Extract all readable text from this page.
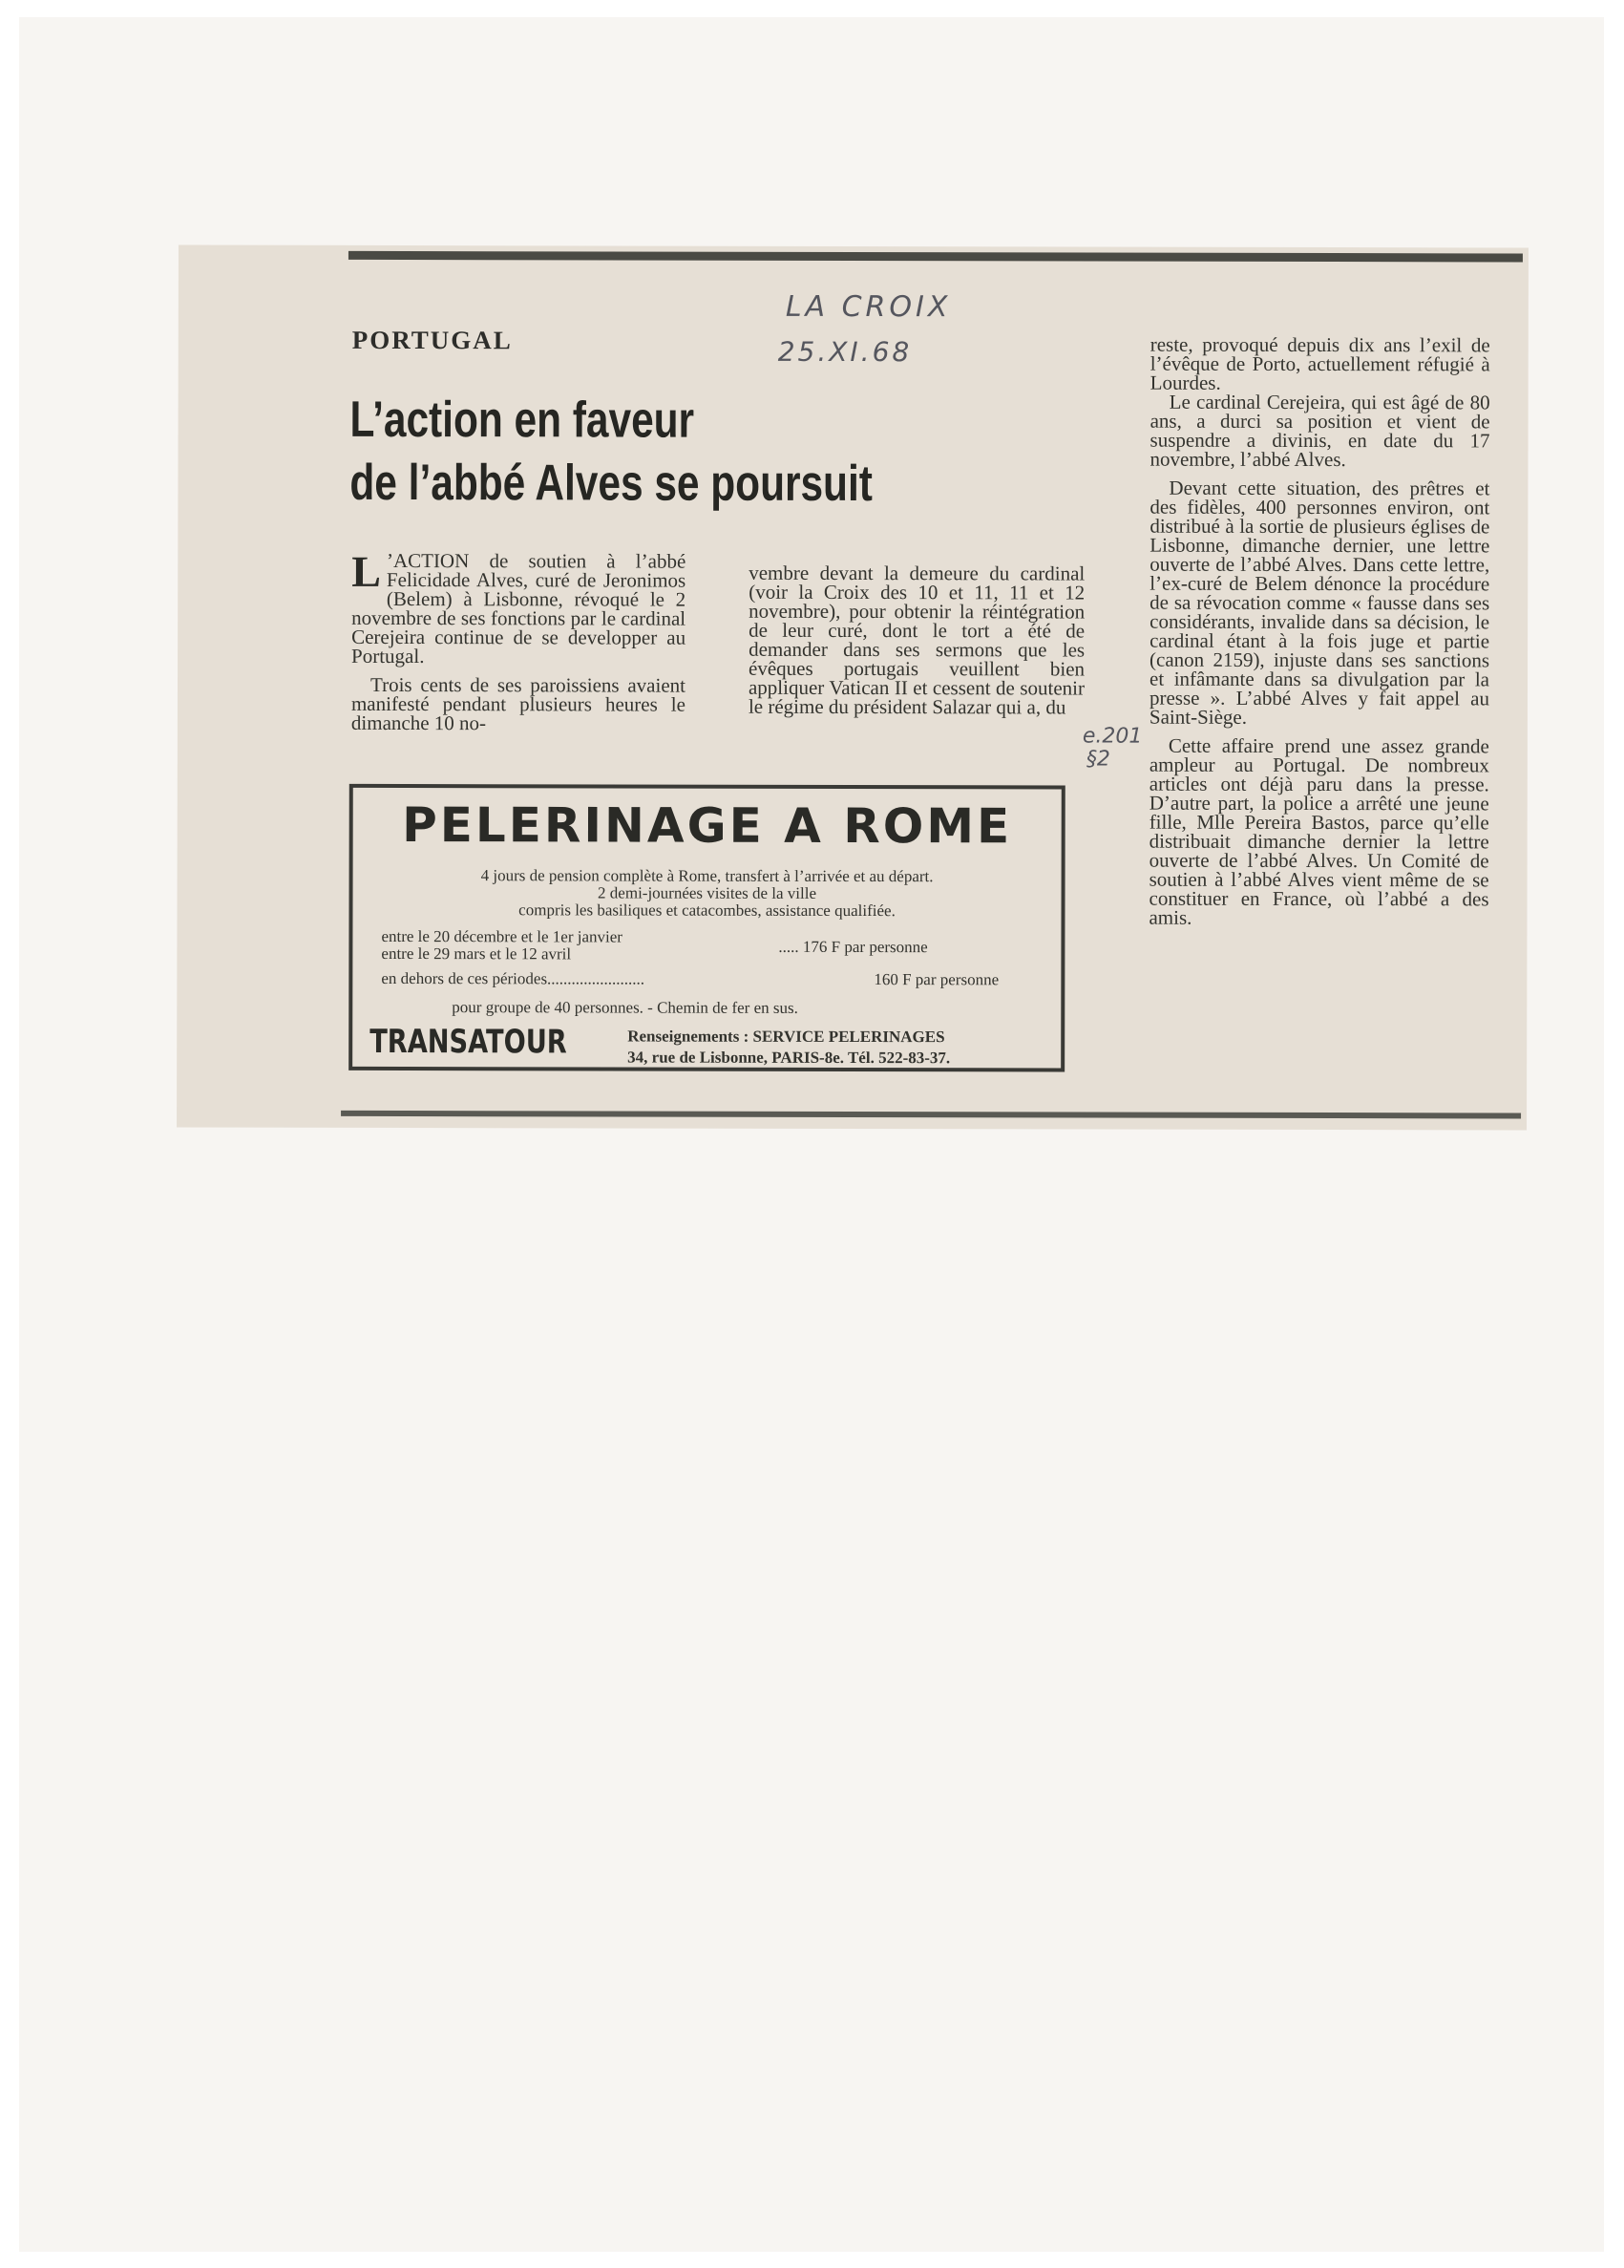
PORTUGAL
L’action en faveur
de l’abbé Alves se poursuit
LA CROIX
25.XI.68
e.201
§2

L ’ACTION de soutien à l’abbé Felicidade Alves, curé de Jeronimos (Belem) à Lisbonne, révoqué le 2 novembre de ses fonctions par le cardinal Cerejeira continue de se developper au Portugal.

Trois cents de ses paroissiens avaient manifesté pendant plusieurs heures le dimanche 10 no-

vembre devant la demeure du cardinal (voir la Croix des 10 et 11, 11 et 12 novembre), pour obtenir la réintégration de leur curé, dont le tort a été de demander dans ses sermons que les évêques portugais veuillent bien appliquer Vatican II et cessent de soutenir le régime du président Salazar qui a, du

reste, provoqué depuis dix ans l’exil de l’évêque de Porto, actuellement réfugié à Lourdes.

Le cardinal Cerejeira, qui est âgé de 80 ans, a durci sa position et vient de suspendre a divinis, en date du 17 novembre, l’abbé Alves.

Devant cette situation, des prêtres et des fidèles, 400 personnes environ, ont distribué à la sortie de plusieurs églises de Lisbonne, dimanche dernier, une lettre ouverte de l’abbé Alves. Dans cette lettre, l’ex-curé de Belem dénonce la procédure de sa révocation comme « fausse dans ses considérants, invalide dans sa décision, le cardinal étant à la fois juge et partie (canon 2159), injuste dans ses sanctions et infâmante dans sa divulgation par la presse ». L’abbé Alves y fait appel au Saint-Siège.

Cette affaire prend une assez grande ampleur au Portugal. De nombreux articles ont déjà paru dans la presse. D’autre part, la police a arrêté une jeune fille, Mlle Pereira Bastos, parce qu’elle distribuait dimanche dernier la lettre ouverte de l’abbé Alves. Un Comité de soutien à l’abbé Alves vient même de se constituer en France, où l’abbé a des amis.

PELERINAGE A ROME
4 jours de pension complète à Rome, transfert à l’arrivée et au départ.
2 demi-journées visites de la ville
compris les basiliques et catacombes, assistance qualifiée.
entre le 20 décembre et le 1er janvier
entre le 29 mars et le 12 avril	..... 176 F par personne
en dehors de ces périodes........................	160 F par personne
pour groupe de 40 personnes. - Chemin de fer en sus.
TRANSATOUR	Renseignements : SERVICE PELERINAGES
34, rue de Lisbonne, PARIS-8e. Tél. 522-83-37.
